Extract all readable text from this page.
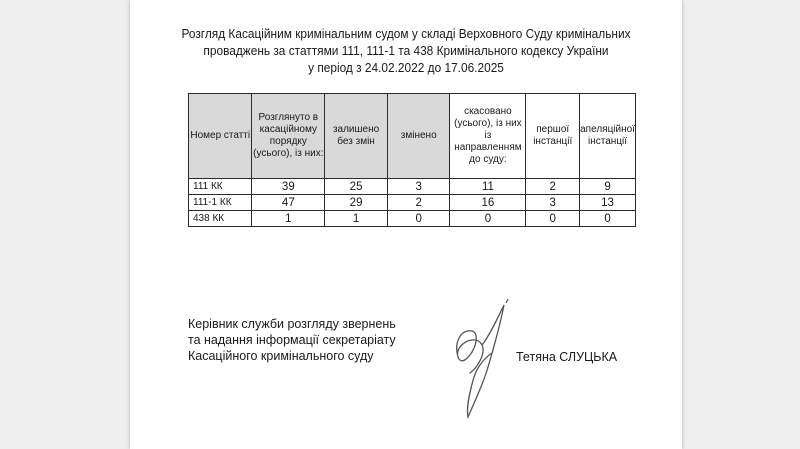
Розгляд Касаційним кримінальним судом у складі Верховного Суду кримінальних
проваджень за статтями 111, 111-1 та 438 Кримінального кодексу України
у період з 24.02.2022 до 17.06.2025
Номер статті	Розглянуто в касаційному порядку (усього), із них:	залишено без змін	змінено	скасовано (усього), із них із направленням до суду:	першої інстанції	апеляційної інстанції
111 КК	39	25	3	11	2	9
111-1 КК	47	29	2	16	3	13
438 КК	1	1	0	0	0	0
Керівник служби розгляду звернень
та надання інформації секретаріату
Касаційного кримінального суду	Тетяна СЛУЦЬКА
